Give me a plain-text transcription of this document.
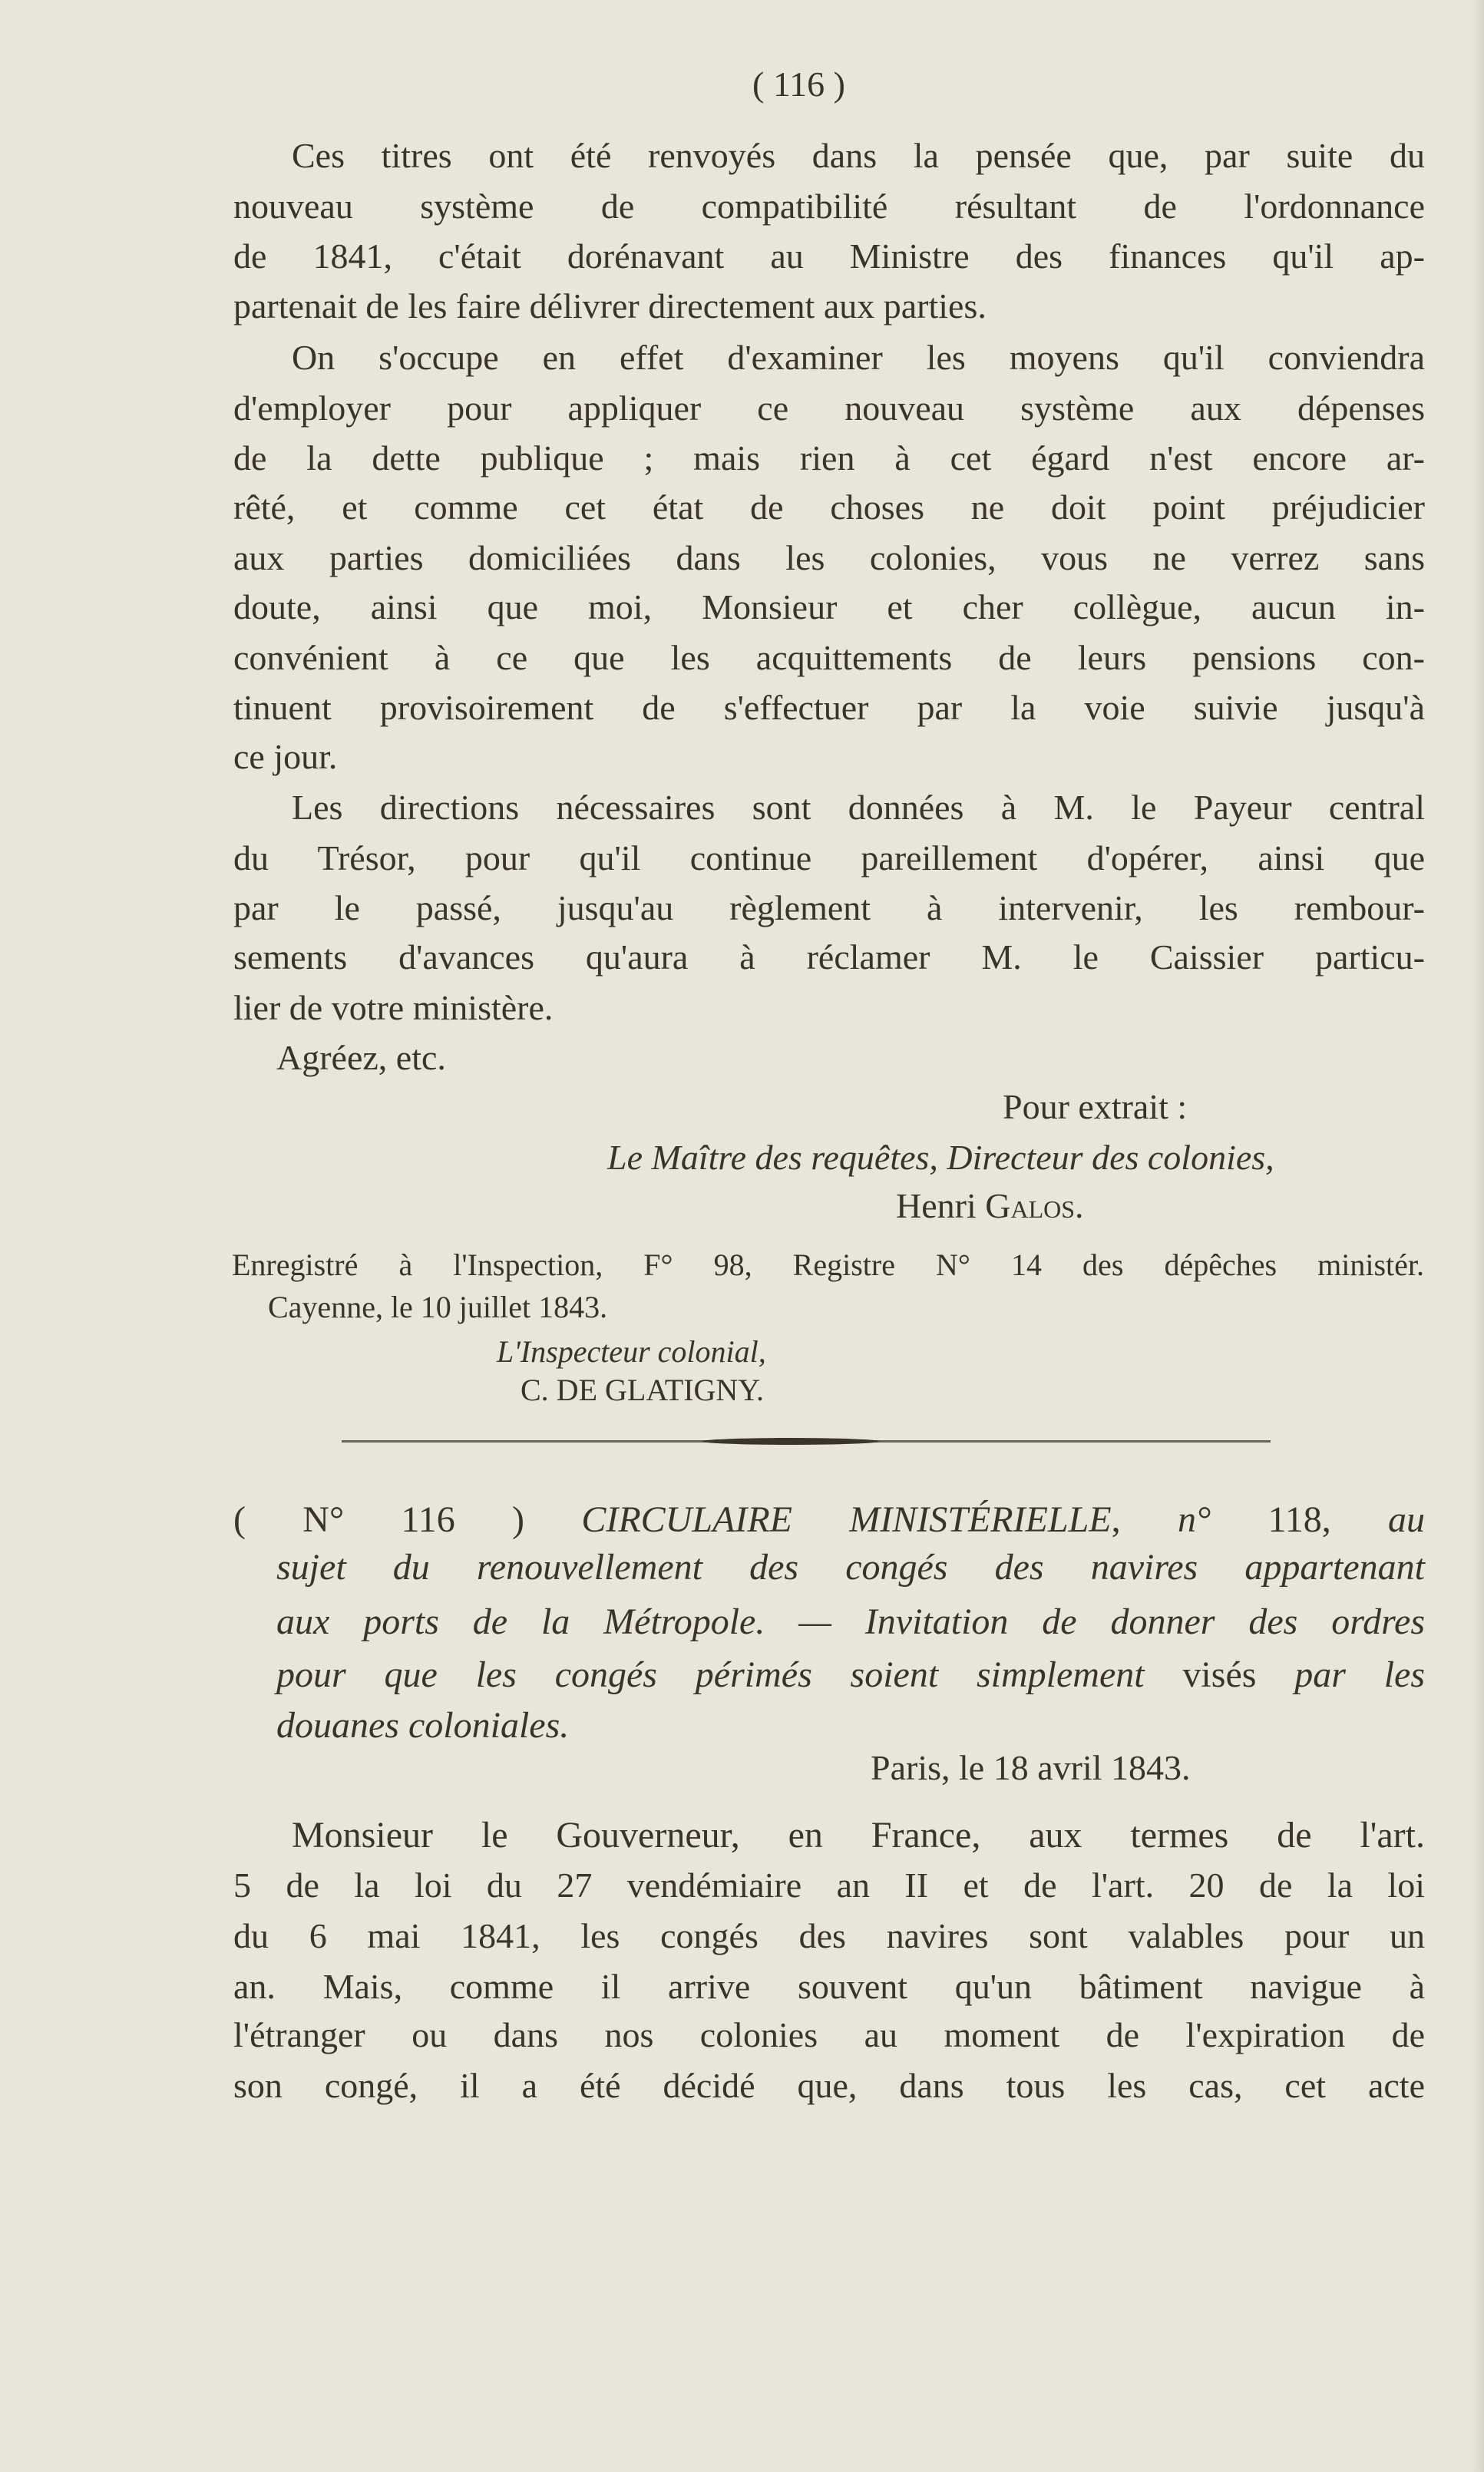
( 116 )
Ces titres ont été renvoyés dans la pensée que, par suite du
nouveau système de compatibilité résultant de l'ordonnance
de 1841, c'était dorénavant au Ministre des finances qu'il ap-
partenait de les faire délivrer directement aux parties.
On s'occupe en effet d'examiner les moyens qu'il conviendra
d'employer pour appliquer ce nouveau système aux dépenses
de la dette publique ; mais rien à cet égard n'est encore ar-
rêté, et comme cet état de choses ne doit point préjudicier
aux parties domiciliées dans les colonies, vous ne verrez sans
doute, ainsi que moi, Monsieur et cher collègue, aucun in-
convénient à ce que les acquittements de leurs pensions con-
tinuent provisoirement de s'effectuer par la voie suivie jusqu'à
ce jour.
Les directions nécessaires sont données à M. le Payeur central
du Trésor, pour qu'il continue pareillement d'opérer, ainsi que
par le passé, jusqu'au règlement à intervenir, les rembour-
sements d'avances qu'aura à réclamer M. le Caissier particu-
lier de votre ministère.
Agréez, etc.
Pour extrait :
Le Maître des requêtes, Directeur des colonies,
Henri Galos.
Enregistré à l'Inspection, F° 98, Registre N° 14 des dépêches ministér.
Cayenne, le 10 juillet 1843.
L'Inspecteur colonial,
C. DE GLATIGNY.
( N° 116 ) CIRCULAIRE MINISTÉRIELLE, n° 118, au
sujet du renouvellement des congés des navires appartenant
aux ports de la Métropole. — Invitation de donner des ordres
pour que les congés périmés soient simplement visés par les
douanes coloniales.
Paris, le 18 avril 1843.
Monsieur le Gouverneur, en France, aux termes de l'art.
5 de la loi du 27 vendémiaire an II et de l'art. 20 de la loi
du 6 mai 1841, les congés des navires sont valables pour un
an. Mais, comme il arrive souvent qu'un bâtiment navigue à
l'étranger ou dans nos colonies au moment de l'expiration de
son congé, il a été décidé que, dans tous les cas, cet acte
